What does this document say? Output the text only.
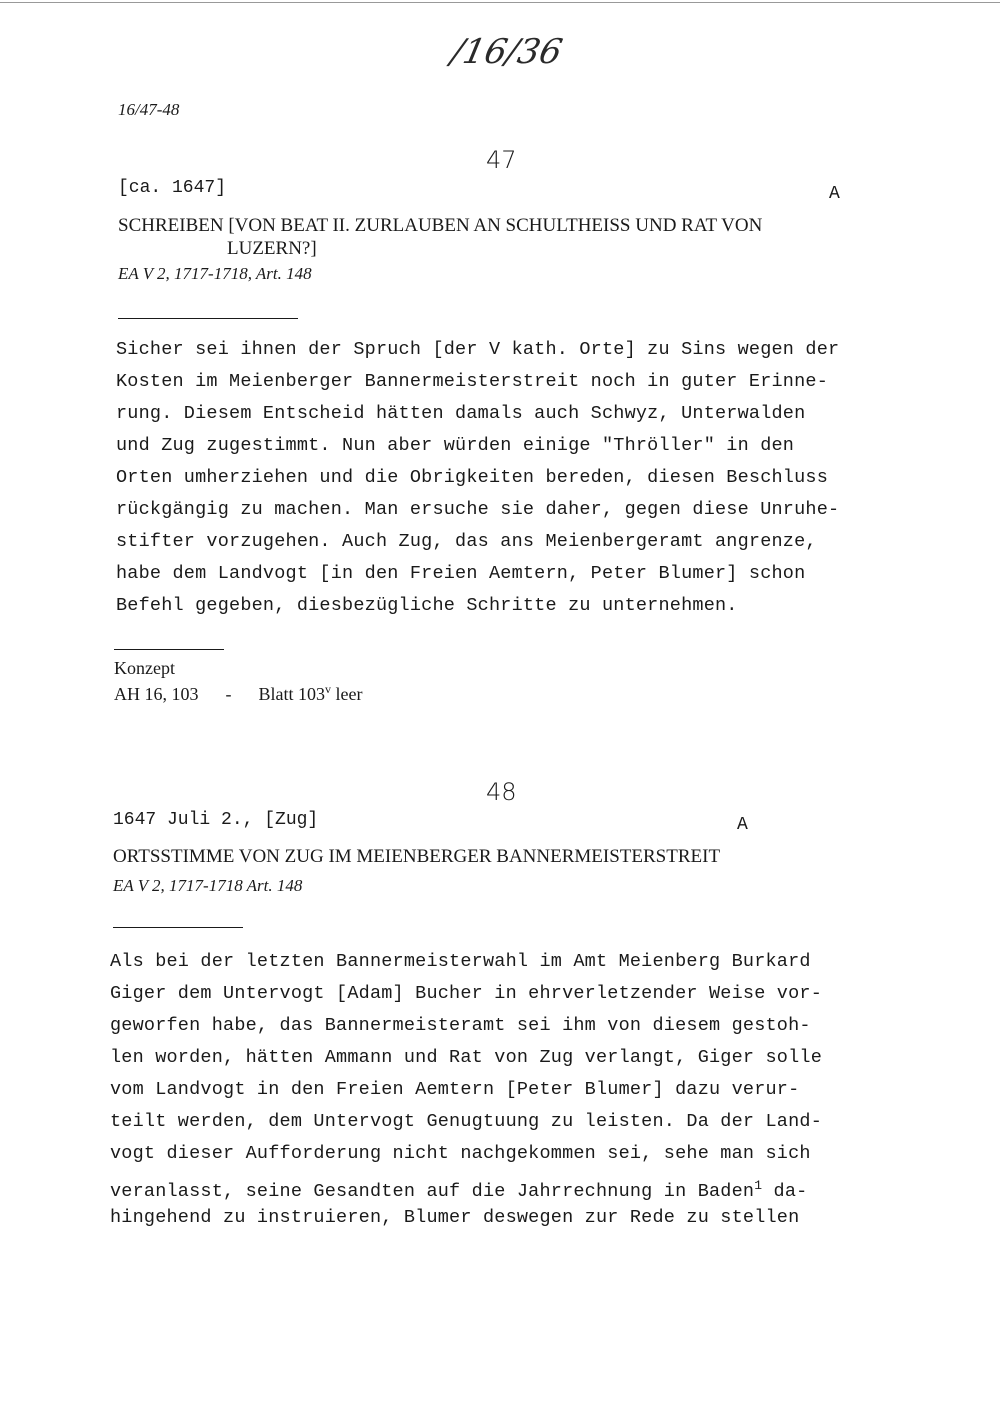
/16/36
16/47-48
47
[ca. 1647]	A
SCHREIBEN [VON BEAT II. ZURLAUBEN AN SCHULTHEISS UND RAT VON
LUZERN?]
EA V 2, 1717-1718, Art. 148

Sicher sei ihnen der Spruch [der V kath. Orte] zu Sins wegen der

Kosten im Meienberger Bannermeisterstreit noch in guter Erinne-

rung. Diesem Entscheid hätten damals auch Schwyz, Unterwalden

und Zug zugestimmt. Nun aber würden einige "Thröller" in den

Orten umherziehen und die Obrigkeiten bereden, diesen Beschluss

rückgängig zu machen. Man ersuche sie daher, gegen diese Unruhe-

stifter vorzugehen. Auch Zug, das ans Meienbergeramt angrenze,

habe dem Landvogt [in den Freien Aemtern, Peter Blumer] schon

Befehl gegeben, diesbezügliche Schritte zu unternehmen.

Konzept
AH 16, 103 - Blatt 103$^v$ leer
48
1647 Juli 2., [Zug]	A
ORTSSTIMME VON ZUG IM MEIENBERGER BANNERMEISTERSTREIT
EA V 2, 1717-1718 Art. 148

Als bei der letzten Bannermeisterwahl im Amt Meienberg Burkard

Giger dem Untervogt [Adam] Bucher in ehrverletzender Weise vor-

geworfen habe, das Bannermeisteramt sei ihm von diesem gestoh-

len worden, hätten Ammann und Rat von Zug verlangt, Giger solle

vom Landvogt in den Freien Aemtern [Peter Blumer] dazu verur-

teilt werden, dem Untervogt Genugtuung zu leisten. Da der Land-

vogt dieser Aufforderung nicht nachgekommen sei, sehe man sich

veranlasst, seine Gesandten auf die Jahrrechnung in Baden$^1$ da-

hingehend zu instruieren, Blumer deswegen zur Rede zu stellen
